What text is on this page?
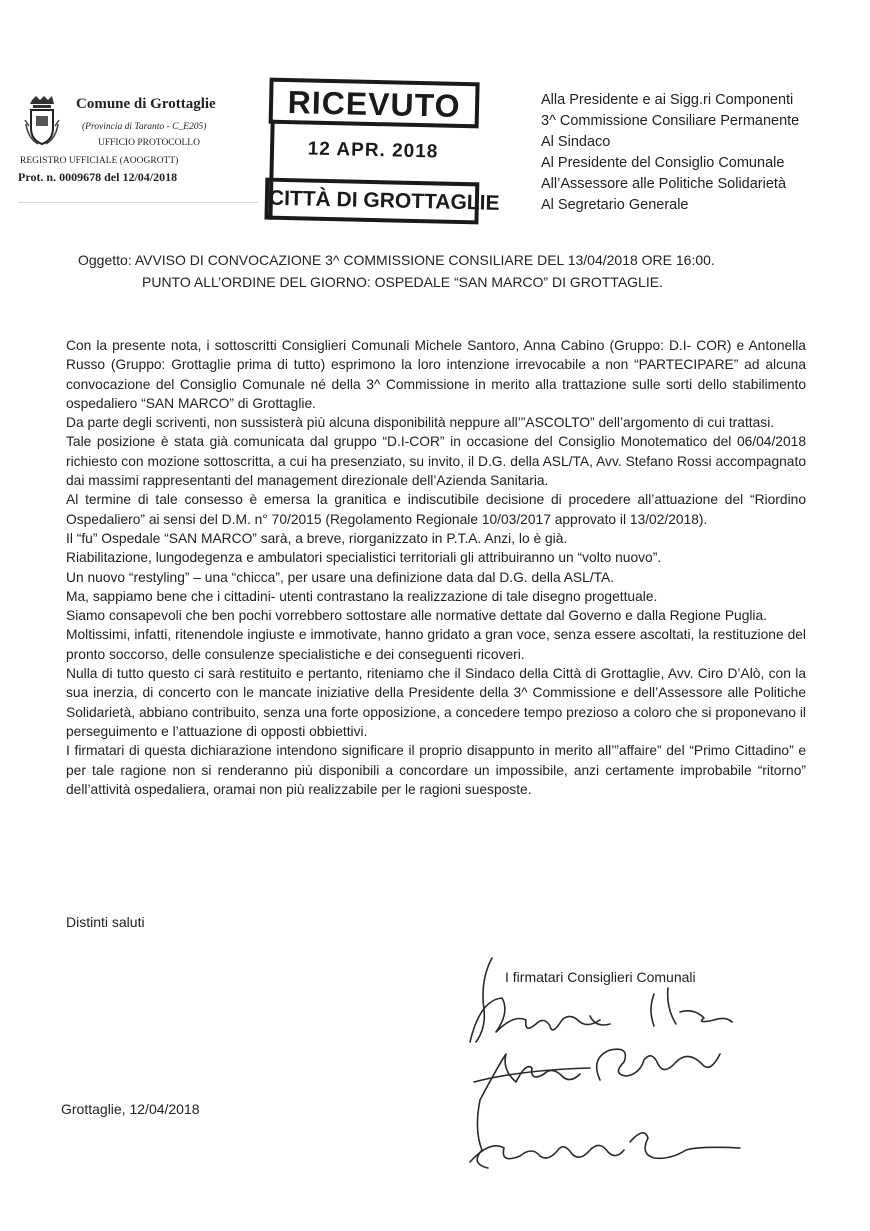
Comune di Grottaglie
(Provincia di Taranto - C_E205)
UFFICIO PROTOCOLLO
REGISTRO UFFICIALE (AOOGROTT)
Prot. n. 0009678 del 12/04/2018
RICEVUTO
12 APR. 2018
CITTÀ DI GROTTAGLIE
Alla Presidente e ai Sigg.ri Componenti
3^ Commissione Consiliare Permanente
Al Sindaco
Al Presidente del Consiglio Comunale
All’Assessore alle Politiche Solidarietà
Al Segretario Generale
Oggetto: AVVISO DI CONVOCAZIONE 3^ COMMISSIONE CONSILIARE DEL 13/04/2018 ORE 16:00.
PUNTO ALL’ORDINE DEL GIORNO: OSPEDALE “SAN MARCO” DI GROTTAGLIE.

Con la presente nota, i sottoscritti Consiglieri Comunali Michele Santoro, Anna Cabino (Gruppo: D.I- COR) e Antonella Russo (Gruppo: Grottaglie prima di tutto) esprimono la loro intenzione irrevocabile a non “PARTECIPARE” ad alcuna convocazione del Consiglio Comunale né della 3^ Commissione in merito alla trattazione sulle sorti dello stabilimento ospedaliero “SAN MARCO” di Grottaglie.

Da parte degli scriventi, non sussisterà più alcuna disponibilità neppure all’”ASCOLTO” dell’argomento di cui trattasi.

Tale posizione è stata già comunicata dal gruppo “D.I-COR” in occasione del Consiglio Monotematico del 06/04/2018 richiesto con mozione sottoscritta, a cui ha presenziato, su invito, il D.G. della ASL/TA, Avv. Stefano Rossi accompagnato dai massimi rappresentanti del management direzionale dell’Azienda Sanitaria.

Al termine di tale consesso è emersa la granitica e indiscutibile decisione di procedere all’attuazione del “Riordino Ospedaliero” ai sensi del D.M. n° 70/2015 (Regolamento Regionale 10/03/2017 approvato il 13/02/2018).

Il “fu” Ospedale “SAN MARCO” sarà, a breve, riorganizzato in P.T.A. Anzi, lo è già.

Riabilitazione, lungodegenza e ambulatori specialistici territoriali gli attribuiranno un “volto nuovo”.

Un nuovo “restyling” – una “chicca”, per usare una definizione data dal D.G. della ASL/TA.

Ma, sappiamo bene che i cittadini- utenti contrastano la realizzazione di tale disegno progettuale.

Siamo consapevoli che ben pochi vorrebbero sottostare alle normative dettate dal Governo e dalla Regione Puglia.

Moltissimi, infatti, ritenendole ingiuste e immotivate, hanno gridato a gran voce, senza essere ascoltati, la restituzione del pronto soccorso, delle consulenze specialistiche e dei conseguenti ricoveri.

Nulla di tutto questo ci sarà restituito e pertanto, riteniamo che il Sindaco della Città di Grottaglie, Avv. Ciro D’Alò, con la sua inerzia, di concerto con le mancate iniziative della Presidente della 3^ Commissione e dell’Assessore alle Politiche Solidarietà, abbiano contribuito, senza una forte opposizione, a concedere tempo prezioso a coloro che si proponevano il perseguimento e l’attuazione di opposti obbiettivi.

I firmatari di questa dichiarazione intendono significare il proprio disappunto in merito all’”affaire” del “Primo Cittadino” e per tale ragione non si renderanno più disponibili a concordare un impossibile, anzi certamente improbabile “ritorno” dell’attività ospedaliera, oramai non più realizzabile per le ragioni suesposte.

Distinti saluti
I firmatari Consiglieri Comunali
Grottaglie, 12/04/2018
